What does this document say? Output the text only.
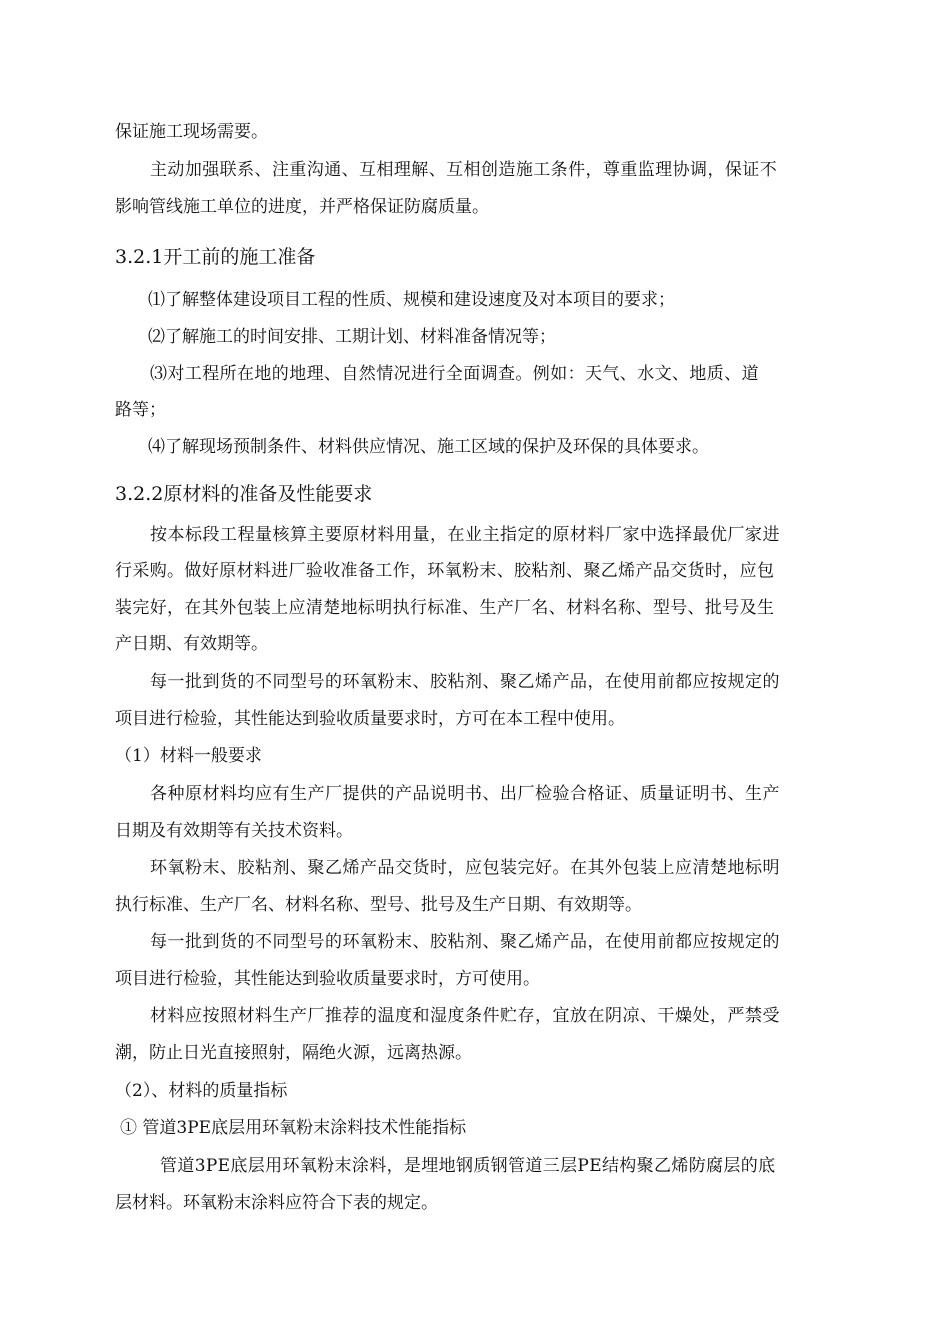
保证施工现场需要。
主动加强联系、注重沟通、互相理解、互相创造施工条件，尊重监理协调，保证不
影响管线施工单位的进度，并严格保证防腐质量。
3.2.1开工前的施工准备
⑴了解整体建设项目工程的性质、规模和建设速度及对本项目的要求；
⑵了解施工的时间安排、工期计划、材料准备情况等；
⑶对工程所在地的地理、自然情况进行全面调查。例如：天气、水文、地质、道
路等；
⑷了解现场预制条件、材料供应情况、施工区域的保护及环保的具体要求。
3.2.2原材料的准备及性能要求
按本标段工程量核算主要原材料用量，在业主指定的原材料厂家中选择最优厂家进
行采购。做好原材料进厂验收准备工作，环氧粉末、胶粘剂、聚乙烯产品交货时，应包
装完好，在其外包装上应清楚地标明执行标准、生产厂名、材料名称、型号、批号及生
产日期、有效期等。
每一批到货的不同型号的环氧粉末、胶粘剂、聚乙烯产品，在使用前都应按规定的
项目进行检验，其性能达到验收质量要求时，方可在本工程中使用。
（1）材料一般要求
各种原材料均应有生产厂提供的产品说明书、出厂检验合格证、质量证明书、生产
日期及有效期等有关技术资料。
环氧粉末、胶粘剂、聚乙烯产品交货时，应包装完好。在其外包装上应清楚地标明
执行标准、生产厂名、材料名称、型号、批号及生产日期、有效期等。
每一批到货的不同型号的环氧粉末、胶粘剂、聚乙烯产品，在使用前都应按规定的
项目进行检验，其性能达到验收质量要求时，方可使用。
材料应按照材料生产厂推荐的温度和湿度条件贮存，宜放在阴凉、干燥处，严禁受
潮，防止日光直接照射，隔绝火源，远离热源。
（2）、材料的质量指标
① 管道3PE底层用环氧粉末涂料技术性能指标
管道3PE底层用环氧粉末涂料，是埋地钢质钢管道三层PE结构聚乙烯防腐层的底
层材料。环氧粉末涂料应符合下表的规定。
